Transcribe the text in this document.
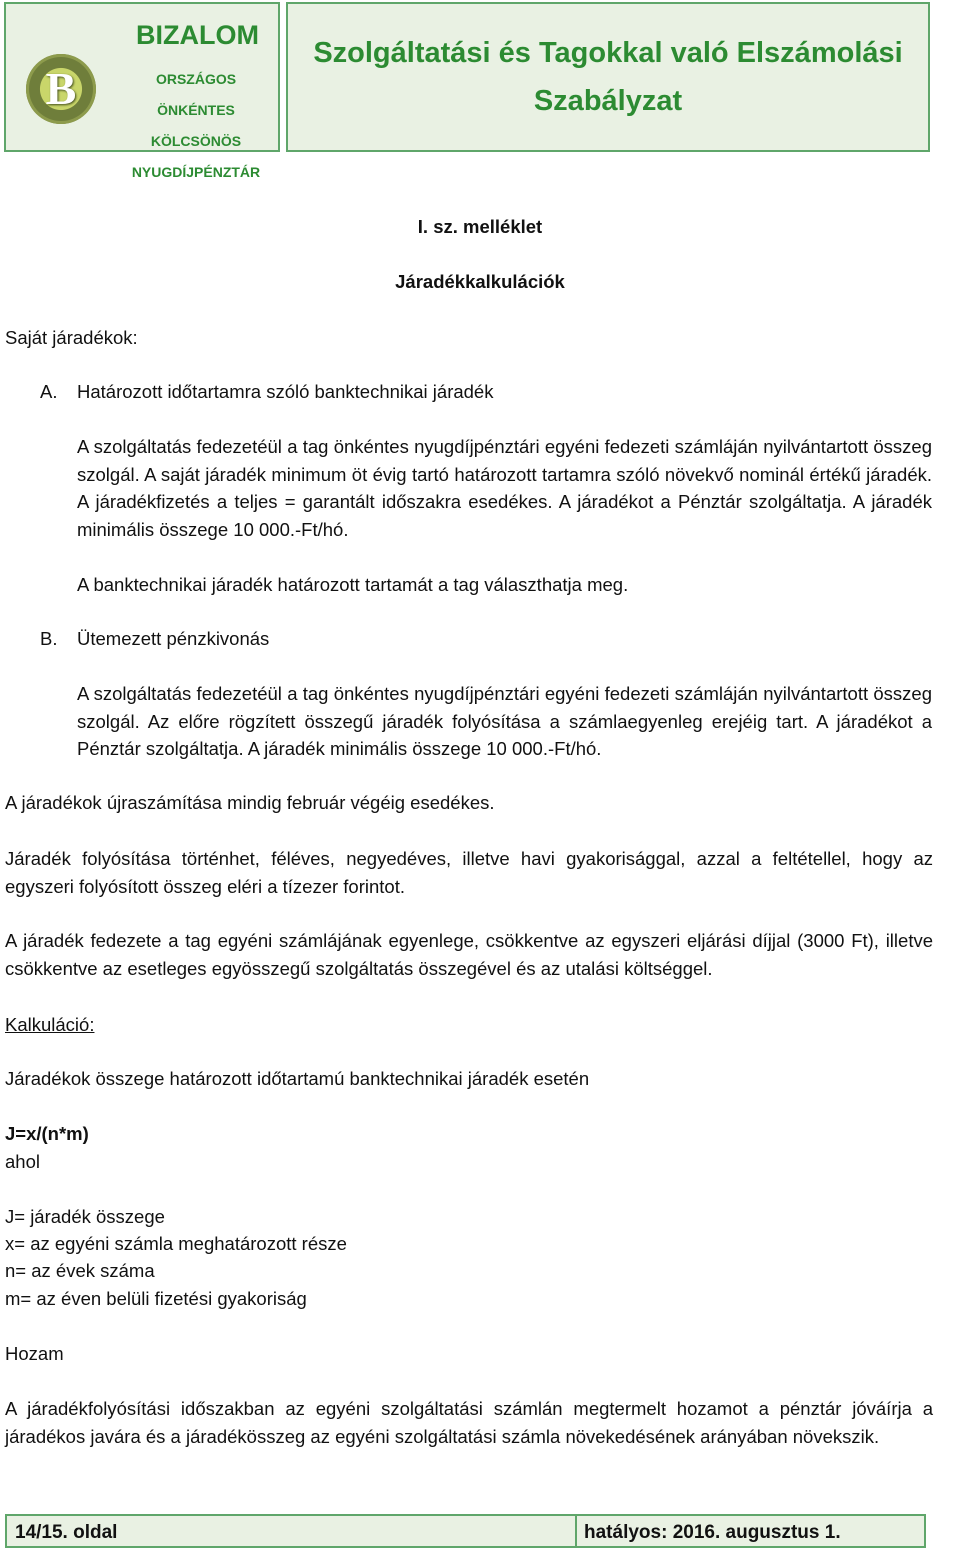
B
BIZALOM
ORSZÁGOS ÖNKÉNTES
KÖLCSÖNÖS
NYUGDÍJPÉNZTÁR
Szolgáltatási és Tagokkal való Elszámolási
Szabályzat
I. sz. melléklet
Járadékkalkulációk
Saját járadékok:
A. Határozott időtartamra szóló banktechnikai járadék
A szolgáltatás fedezetéül a tag önkéntes nyugdíjpénztári egyéni fedezeti számláján nyilvántartott összeg szolgál. A saját járadék minimum öt évig tartó határozott tartamra szóló növekvő nominál értékű járadék. A járadékfizetés a teljes = garantált időszakra esedékes. A járadékot a Pénztár szolgáltatja. A járadék minimális összege 10 000.-Ft/hó.
A banktechnikai járadék határozott tartamát a tag választhatja meg.
B. Ütemezett pénzkivonás
A szolgáltatás fedezetéül a tag önkéntes nyugdíjpénztári egyéni fedezeti számláján nyilvántartott összeg szolgál. Az előre rögzített összegű járadék folyósítása a számlaegyenleg erejéig tart. A járadékot a Pénztár szolgáltatja. A járadék minimális összege 10 000.-Ft/hó.
A járadékok újraszámítása mindig február végéig esedékes.
Járadék folyósítása történhet, féléves, negyedéves, illetve havi gyakorisággal, azzal a feltétellel, hogy az egyszeri folyósított összeg eléri a tízezer forintot.
A járadék fedezete a tag egyéni számlájának egyenlege, csökkentve az egyszeri eljárási díjjal (3000 Ft), illetve csökkentve az esetleges egyösszegű szolgáltatás összegével és az utalási költséggel.
Kalkuláció:
Járadékok összege határozott időtartamú banktechnikai járadék esetén
J=x/(n*m)
ahol
J= járadék összege
x= az egyéni számla meghatározott része
n= az évek száma
m= az éven belüli fizetési gyakoriság
Hozam
A járadékfolyósítási időszakban az egyéni szolgáltatási számlán megtermelt hozamot a pénztár jóváírja a járadékos javára és a járadékösszeg az egyéni szolgáltatási számla növekedésének arányában növekszik.
14/15. oldal	hatályos: 2016. augusztus 1.
